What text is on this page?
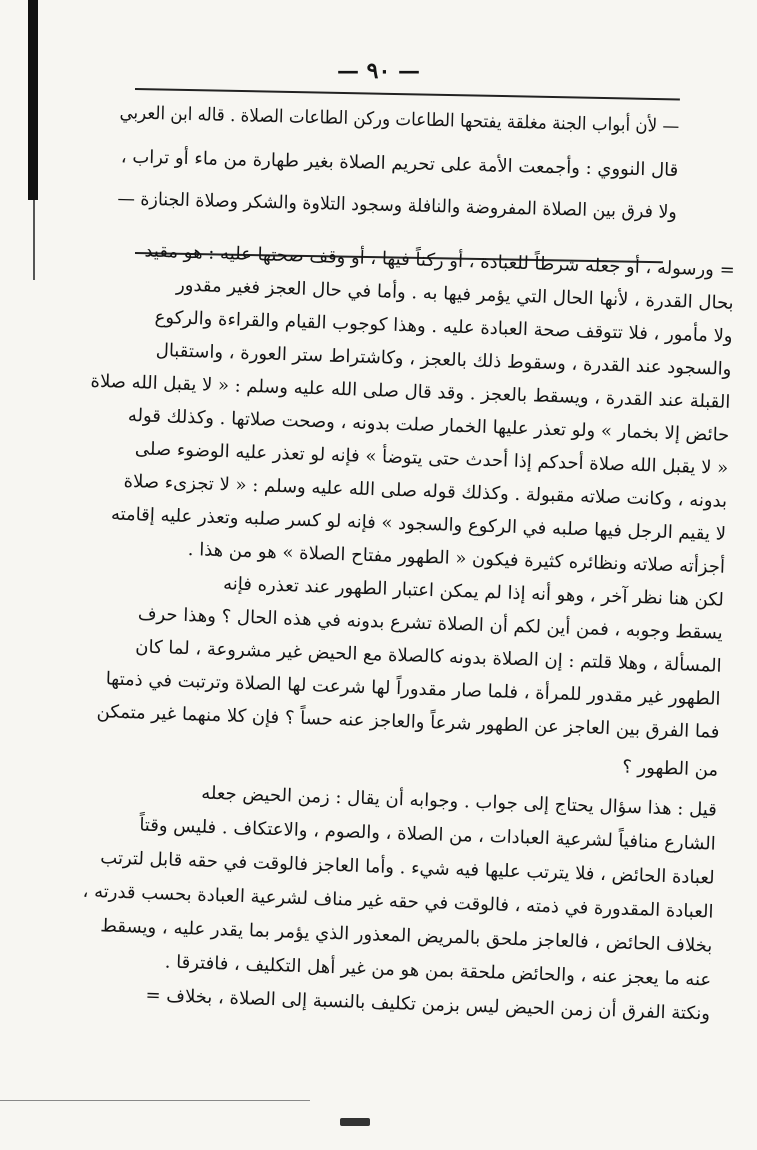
— ٩٠ —
— لأن أبواب الجنة مغلقة يفتحها الطاعات وركن الطاعات الصلاة . قاله ابن العربي
قال النووي : وأجمعت الأمة على تحريم الصلاة بغير طهارة من ماء أو تراب ،
ولا فرق بين الصلاة المفروضة والنافلة وسجود التلاوة والشكر وصلاة الجنازة —
= ورسوله ، أو جعله شرطاً للعبادة ، أو ركناً فيها ، أو وقف صحتها عليه : هو مقيد
بحال القدرة ، لأنها الحال التي يؤمر فيها به . وأما في حال العجز فغير مقدور
ولا مأمور ، فلا تتوقف صحة العبادة عليه . وهذا كوجوب القيام والقراءة والركوع
والسجود عند القدرة ، وسقوط ذلك بالعجز ، وكاشتراط ستر العورة ، واستقبال
القبلة عند القدرة ، ويسقط بالعجز . وقد قال صلى الله عليه وسلم : « لا يقبل الله صلاة
حائض إلا بخمار » ولو تعذر عليها الخمار صلت بدونه ، وصحت صلاتها . وكذلك قوله
« لا يقبل الله صلاة أحدكم إذا أحدث حتى يتوضأ » فإنه لو تعذر عليه الوضوء صلى
بدونه ، وكانت صلاته مقبولة . وكذلك قوله صلى الله عليه وسلم : « لا تجزىء صلاة
لا يقيم الرجل فيها صلبه في الركوع والسجود » فإنه لو كسر صلبه وتعذر عليه إقامته
أجزأته صلاته ونظائره كثيرة فيكون « الطهور مفتاح الصلاة » هو من هذا .
لكن هنا نظر آخر ، وهو أنه إذا لم يمكن اعتبار الطهور عند تعذره فإنه
يسقط وجوبه ، فمن أين لكم أن الصلاة تشرع بدونه في هذه الحال ؟ وهذا حرف
المسألة ، وهلا قلتم : إن الصلاة بدونه كالصلاة مع الحيض غير مشروعة ، لما كان
الطهور غير مقدور للمرأة ، فلما صار مقدوراً لها شرعت لها الصلاة وترتبت في ذمتها
فما الفرق بين العاجز عن الطهور شرعاً والعاجز عنه حساً ؟ فإن كلا منهما غير متمكن
من الطهور ؟
قيل : هذا سؤال يحتاج إلى جواب . وجوابه أن يقال : زمن الحيض جعله
الشارع منافياً لشرعية العبادات ، من الصلاة ، والصوم ، والاعتكاف . فليس وقتاً
لعبادة الحائض ، فلا يترتب عليها فيه شيء . وأما العاجز فالوقت في حقه قابل لترتب
العبادة المقدورة في ذمته ، فالوقت في حقه غير مناف لشرعية العبادة بحسب قدرته ،
بخلاف الحائض ، فالعاجز ملحق بالمريض المعذور الذي يؤمر بما يقدر عليه ، ويسقط
عنه ما يعجز عنه ، والحائض ملحقة بمن هو من غير أهل التكليف ، فافترقا .
ونكتة الفرق أن زمن الحيض ليس بزمن تكليف بالنسبة إلى الصلاة ، بخلاف =
